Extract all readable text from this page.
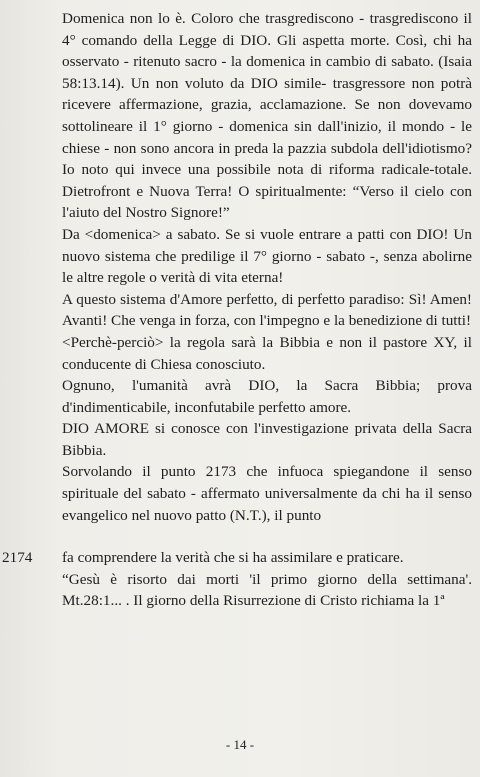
Domenica non lo è. Coloro che trasgrediscono - trasgrediscono il 4° comando della Legge di DIO. Gli aspetta morte. Così, chi ha osservato - ritenuto sacro - la domenica in cambio di sabato. (Isaia 58:13.14). Un non voluto da DIO simile- trasgressore non potrà ricevere affermazione, grazia, acclamazione. Se non dovevamo sottolineare il 1° giorno - domenica sin dall'inizio, il mondo - le chiese - non sono ancora in preda la pazzia subdola dell'idiotismo? Io noto qui invece una possibile nota di riforma radicale-totale. Dietrofront e Nuova Terra! O spiritualmente: “Verso il cielo con l'aiuto del Nostro Signore!”

Da <domenica> a sabato. Se si vuole entrare a patti con DIO! Un nuovo sistema che predilige il 7° giorno - sabato -, senza abolirne le altre regole o verità di vita eterna!

A questo sistema d'Amore perfetto, di perfetto paradiso: Sì! Amen! Avanti! Che venga in forza, con l'impegno e la benedizione di tutti!

<Perchè-perciò> la regola sarà la Bibbia e non il pastore XY, il conducente di Chiesa conosciuto.

Ognuno, l'umanità avrà DIO, la Sacra Bibbia; prova d'indimenticabile, inconfutabile perfetto amore.

DIO AMORE si conosce con l'investigazione privata della Sacra Bibbia.

Sorvolando il punto 2173 che infuoca spiegandone il senso spirituale del sabato - affermato universalmente da chi ha il senso evangelico nel nuovo patto (N.T.), il punto

2174 fa comprendere la verità che si ha assimilare e praticare.

“Gesù è risorto dai morti 'il primo giorno della settimana'. Mt.28:1... . Il giorno della Risurrezione di Cristo richiama la 1ª

- 14 -
